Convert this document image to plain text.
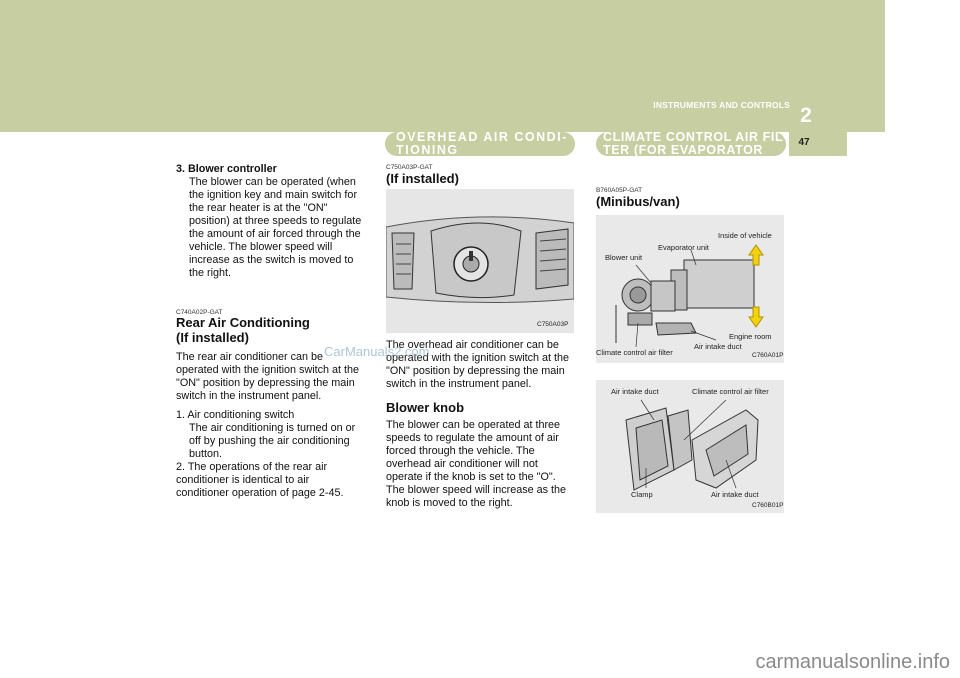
INSTRUMENTS AND CONTROLS 2
47
OVERHEAD AIR CONDI-
TIONING
CLIMATE CONTROL AIR FIL-
TER (FOR EVAPORATOR
AND BLOWER UNIT)
3. Blower controller
The blower can be operated (when the ignition key and main switch for the rear heater is at the "ON" position) at three speeds to regulate the amount of air forced through the vehicle. The blower speed will increase as the switch is moved to the right.
C740A02P-GAT
Rear Air Conditioning
(If installed)
The rear air conditioner can be operated with the ignition switch at the "ON" position by depressing the main switch in the instrument panel.
1. Air conditioning switch
The air conditioning is turned on or off by pushing the air conditioning button.
2. The operations of the rear air conditioner is identical to air conditioner operation of page 2-45.
C750A03P-GAT
(If installed)
C750A03P
The overhead air conditioner can be operated with the ignition switch at the "ON" position by depressing the main switch in the instrument panel.
Blower knob
The blower can be operated at three speeds to regulate the amount of air forced through the vehicle. The overhead air conditioner will not operate if the knob is set to the "O". The blower speed will increase as the knob is moved to the right.
CarManuals2.com
B760A05P-GAT
(Minibus/van)
Inside of vehicle
Evaporator unit
Blower unit
Engine room
Air intake duct
Climate control air filter	C760A01P
Air intake duct	Climate control air filter
Clamp	Air intake duct
C760B01P
carmanualsonline.info
